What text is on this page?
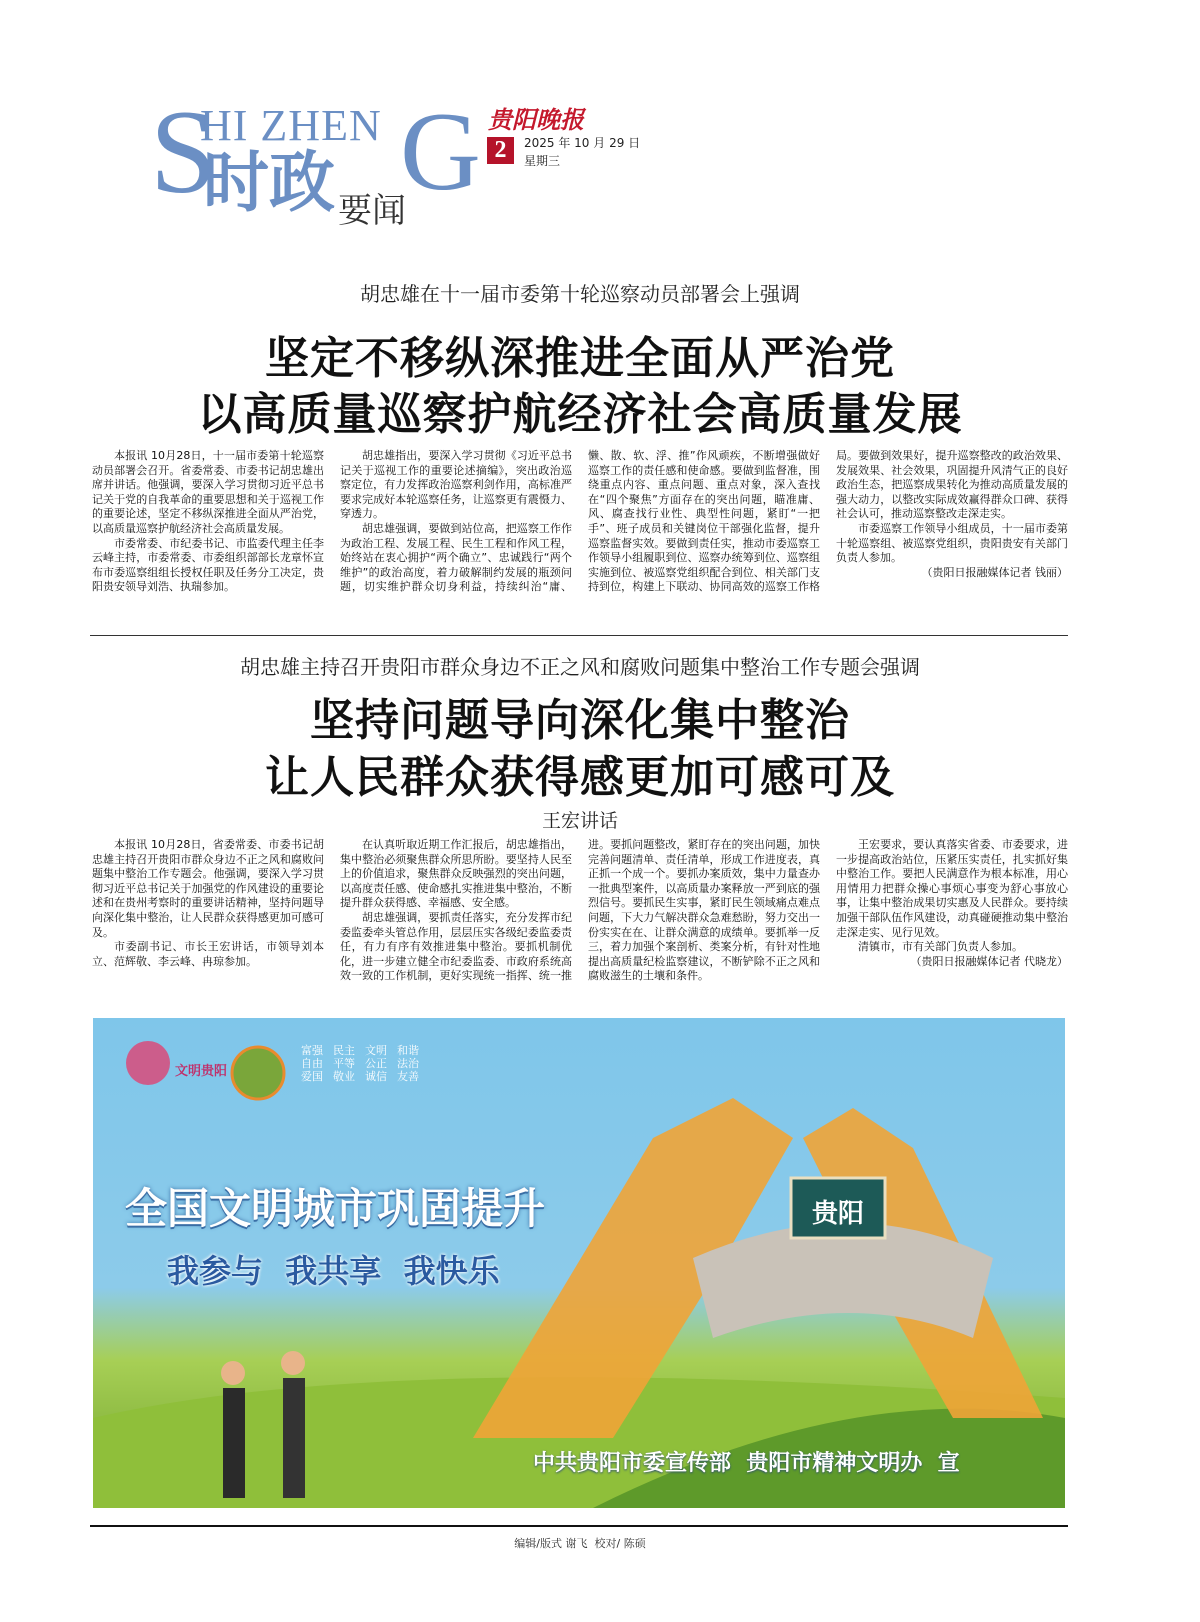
S
HI ZHEN G
时政 要闻
贵阳晚报
2	2025 年 10 月 29 日
星期三
胡忠雄在十一届市委第十轮巡察动员部署会上强调
坚定不移纵深推进全面从严治党
以高质量巡察护航经济社会高质量发展

本报讯 10月28日，十一届市委第十轮巡察动员部署会召开。省委常委、市委书记胡忠雄出席并讲话。他强调，要深入学习贯彻习近平总书记关于党的自我革命的重要思想和关于巡视工作的重要论述，坚定不移纵深推进全面从严治党，以高质量巡察护航经济社会高质量发展。

市委常委、市纪委书记、市监委代理主任李云峰主持，市委常委、市委组织部部长龙章怀宣布市委巡察组组长授权任职及任务分工决定，贵阳贵安领导刘浩、执瑞参加。

胡忠雄指出，要深入学习贯彻《习近平总书记关于巡视工作的重要论述摘编》，突出政治巡察定位，有力发挥政治巡察利剑作用，高标准严要求完成好本轮巡察任务，让巡察更有震慑力、穿透力。

胡忠雄强调，要做到站位高，把巡察工作作为政治工程、发展工程、民生工程和作风工程，始终站在衷心拥护“两个确立”、忠诚践行“两个维护”的政治高度，着力破解制约发展的瓶颈问题，切实维护群众切身利益，持续纠治“庸、懒、散、软、浮、推”作风顽疾，不断增强做好巡察工作的责任感和使命感。要做到监督准，围绕重点内容、重点问题、重点对象，深入查找在“四个聚焦”方面存在的突出问题，瞄准庸、风、腐查找行业性、典型性问题，紧盯“一把手”、班子成员和关键岗位干部强化监督，提升巡察监督实效。要做到责任实，推动市委巡察工作领导小组履职到位、巡察办统筹到位、巡察组实施到位、被巡察党组织配合到位、相关部门支持到位，构建上下联动、协同高效的巡察工作格局。要做到效果好，提升巡察整改的政治效果、发展效果、社会效果，巩固提升风清气正的良好政治生态，把巡察成果转化为推动高质量发展的强大动力，以整改实际成效赢得群众口碑、获得社会认可，推动巡察整改走深走实。

市委巡察工作领导小组成员，十一届市委第十轮巡察组、被巡察党组织，贵阳贵安有关部门负责人参加。

（贵阳日报融媒体记者 钱丽）

胡忠雄主持召开贵阳市群众身边不正之风和腐败问题集中整治工作专题会强调
坚持问题导向深化集中整治
让人民群众获得感更加可感可及
王宏讲话

本报讯 10月28日，省委常委、市委书记胡忠雄主持召开贵阳市群众身边不正之风和腐败问题集中整治工作专题会。他强调，要深入学习贯彻习近平总书记关于加强党的作风建设的重要论述和在贵州考察时的重要讲话精神，坚持问题导向深化集中整治，让人民群众获得感更加可感可及。

市委副书记、市长王宏讲话，市领导刘本立、范辉敬、李云峰、冉琼参加。

在认真听取近期工作汇报后，胡忠雄指出，集中整治必须聚焦群众所思所盼。要坚持人民至上的价值追求，聚焦群众反映强烈的突出问题，以高度责任感、使命感扎实推进集中整治，不断提升群众获得感、幸福感、安全感。

胡忠雄强调，要抓责任落实，充分发挥市纪委监委牵头管总作用，层层压实各级纪委监委责任，有力有序有效推进集中整治。要抓机制优化，进一步建立健全市纪委监委、市政府系统高效一致的工作机制，更好实现统一指挥、统一推进。要抓问题整改，紧盯存在的突出问题，加快完善问题清单、责任清单，形成工作进度表，真正抓一个成一个。要抓办案质效，集中力量查办一批典型案件，以高质量办案释放一严到底的强烈信号。要抓民生实事，紧盯民生领域痛点难点问题，下大力气解决群众急难愁盼，努力交出一份实实在在、让群众满意的成绩单。要抓举一反三，着力加强个案剖析、类案分析，有针对性地提出高质量纪检监察建议，不断铲除不正之风和腐败滋生的土壤和条件。

王宏要求，要认真落实省委、市委要求，进一步提高政治站位，压紧压实责任，扎实抓好集中整治工作。要把人民满意作为根本标准，用心用情用力把群众操心事烦心事变为舒心事放心事，让集中整治成果切实惠及人民群众。要持续加强干部队伍作风建设，动真碰硬推动集中整治走深走实、见行见效。

清镇市，市有关部门负责人参加。

（贵阳日报融媒体记者 代晓龙）

文明贵阳
富强
自由
爱国
民主
平等
敬业
文明
公正
诚信
和谐
法治
友善
全国文明城市巩固提升
我参与  我共享  我快乐
贵阳
中共贵阳市委宣传部  贵阳市精神文明办  宣
编辑/版式 谢飞  校对/ 陈硕
